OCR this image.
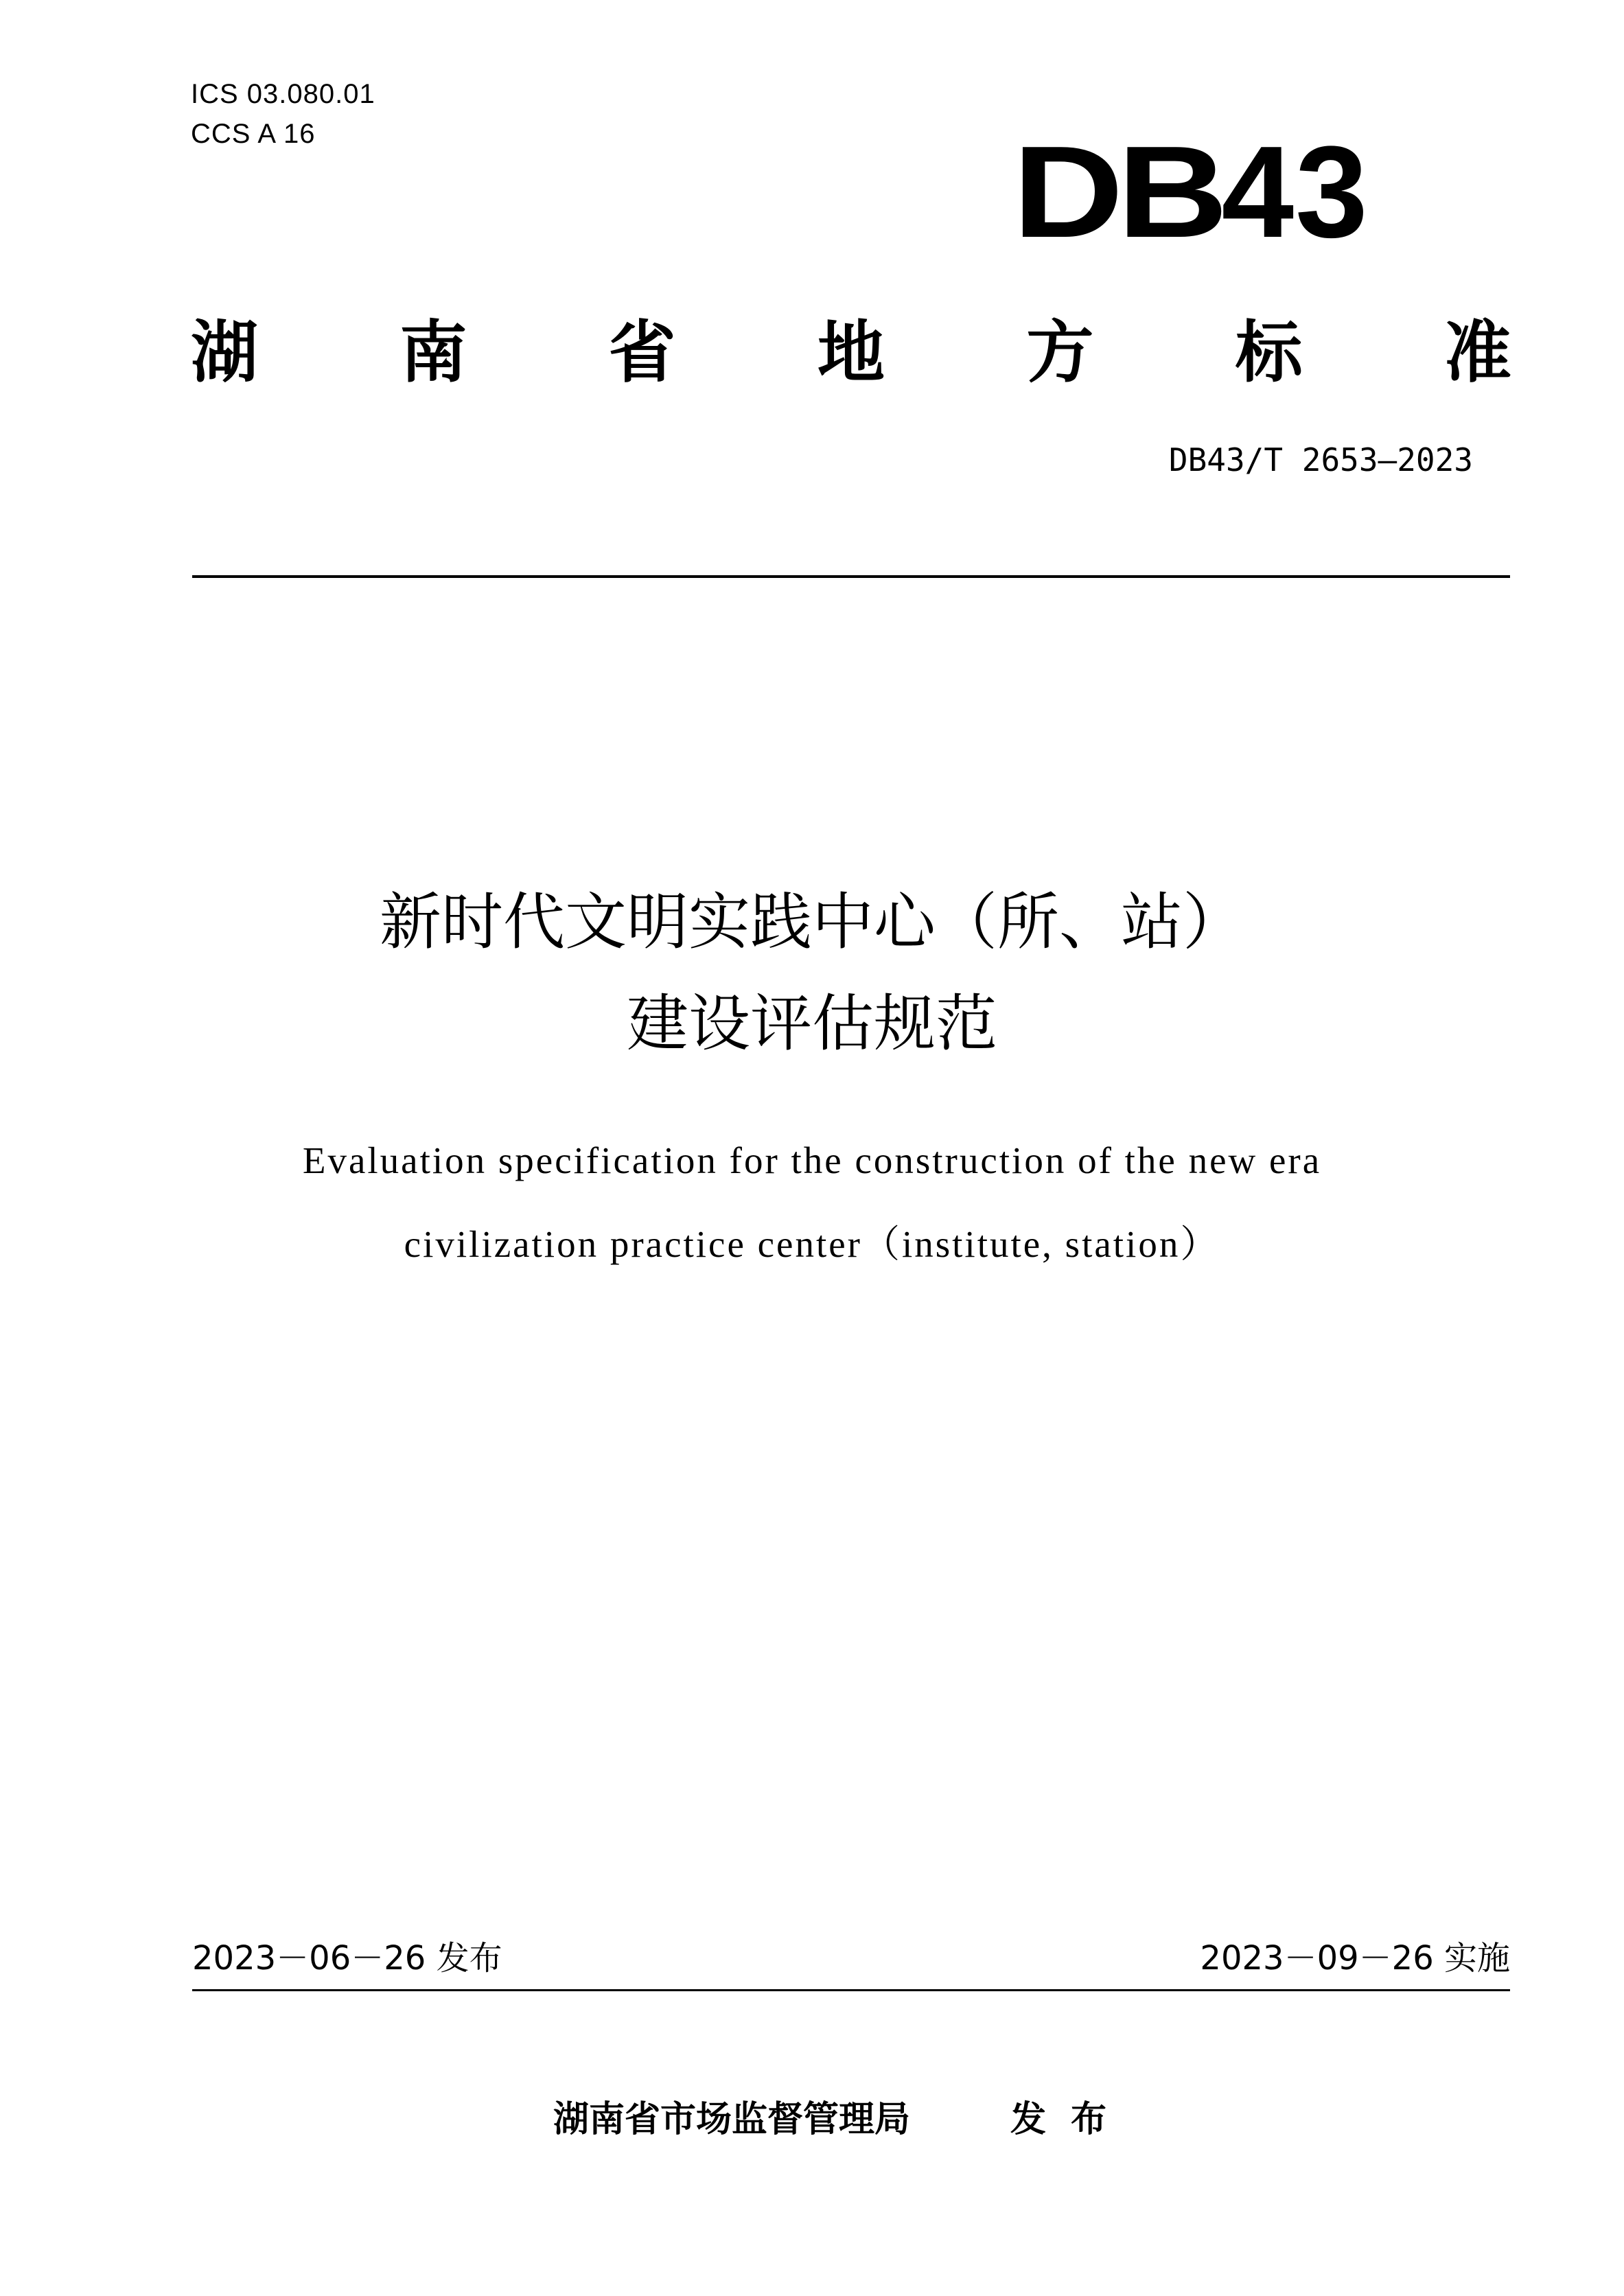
ICS 03.080.01
CCS A 16	DB43
湖 南 省 地 方 标 准
DB43/T 2653—2023
新时代文明实践中心（所、站）
建设评估规范
Evaluation specification for the construction of the new era
civilization practice center（institute, station）
2023－06－26 发布	2023－09－26 实施
湖南省市场监督管理局	发布
